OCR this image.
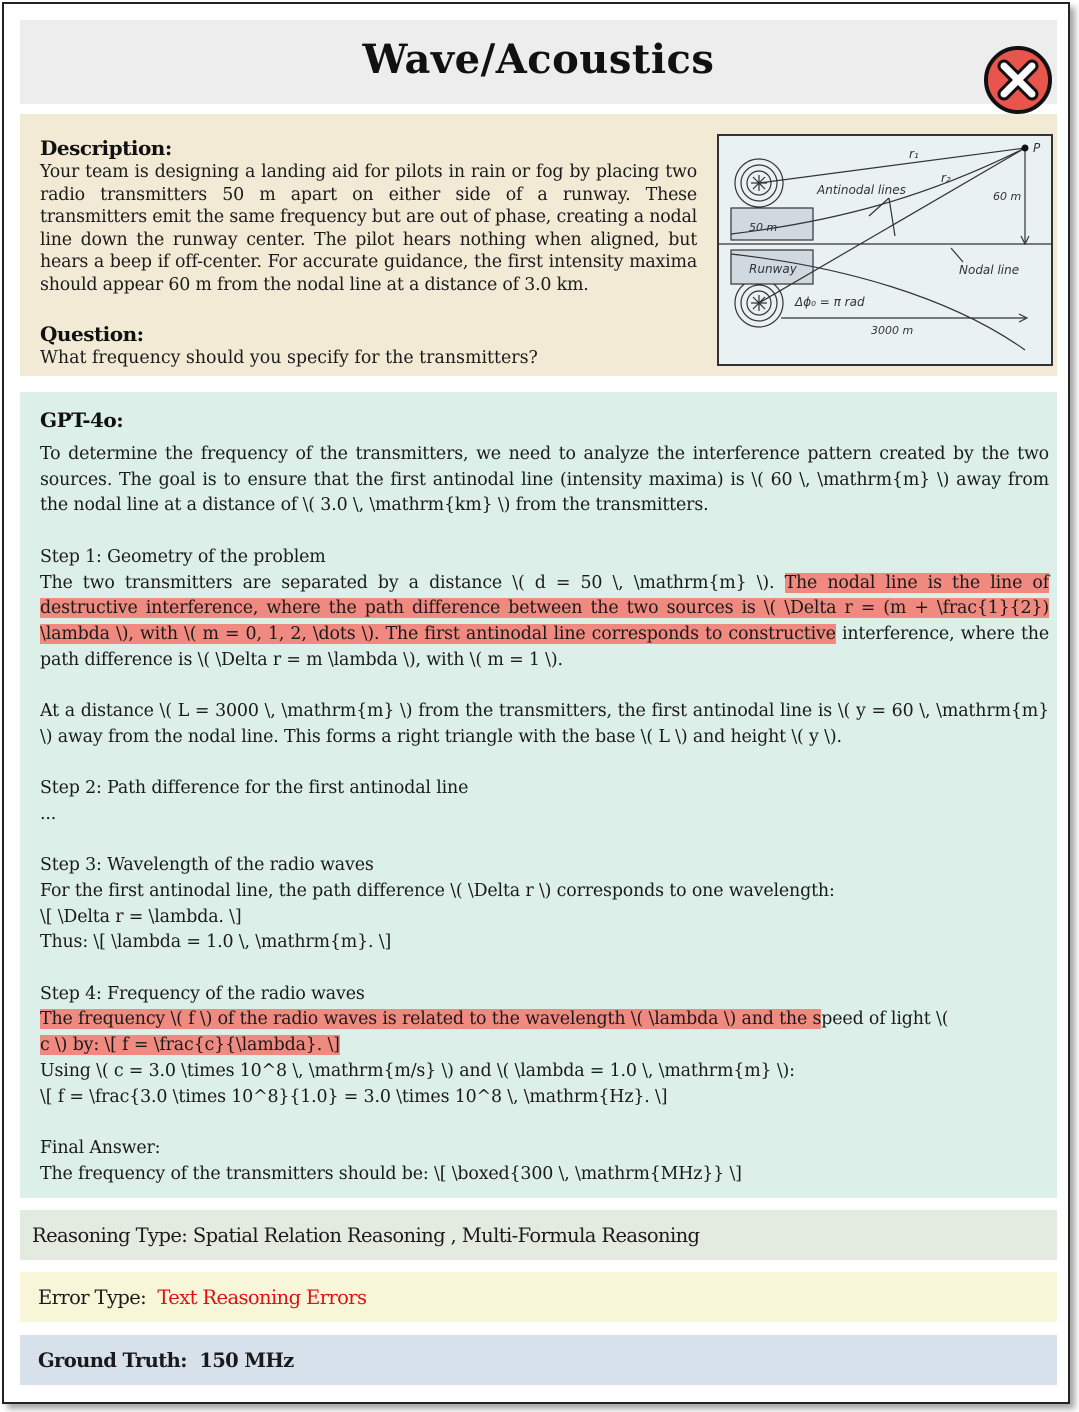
Wave/Acoustics
Description:
Your team is designing a landing aid for pilots in rain or fog by placing two radio transmitters 50 m apart on either side of a runway. These transmitters emit the same frequency but are out of phase, creating a nodal line down the runway center. The pilot hears nothing when aligned, but hears a beep if off-center. For accurate guidance, the first intensity maxima should appear 60 m from the nodal line at a distance of 3.0 km.
Question:
What frequency should you specify for the transmitters?
P
r₁
r₂
Antinodal lines	60 m
50 m
Runway	Nodal line
Δϕ₀ = π rad
3000 m
GPT-4o:

To determine the frequency of the transmitters, we need to analyze the interference pattern created by the two sources. The goal is to ensure that the first antinodal line (intensity maxima) is \( 60 \, \mathrm{m} \) away from the nodal line at a distance of \( 3.0 \, \mathrm{km} \) from the transmitters.

Step 1: Geometry of the problem

The two transmitters are separated by a distance \( d = 50 \, \mathrm{m} \). The nodal line is the line of destructive interference, where the path difference between the two sources is \( \Delta r = (m + \frac{1}{2}) \lambda \), with \( m = 0, 1, 2, \dots \). The first antinodal line corresponds to constructive interference, where the path difference is \( \Delta r = m \lambda \), with \( m = 1 \).

At a distance \( L = 3000 \, \mathrm{m} \) from the transmitters, the first antinodal line is \( y = 60 \, \mathrm{m} \) away from the nodal line. This forms a right triangle with the base \( L \) and height \( y \).

Step 2: Path difference for the first antinodal line

...

Step 3: Wavelength of the radio waves

For the first antinodal line, the path difference \( \Delta r \) corresponds to one wavelength:

\[ \Delta r = \lambda. \]

Thus: \[ \lambda = 1.0 \, \mathrm{m}. \]

Step 4: Frequency of the radio waves

The frequency \( f \) of the radio waves is related to the wavelength \( \lambda \) and the speed of light \(
c \) by: \[ f = \frac{c}{\lambda}. \]

Using \( c = 3.0 \times 10^8 \, \mathrm{m/s} \) and \( \lambda = 1.0 \, \mathrm{m} \):

\[ f = \frac{3.0 \times 10^8}{1.0} = 3.0 \times 10^8 \, \mathrm{Hz}. \]

Final Answer:

The frequency of the transmitters should be: \[ \boxed{300 \, \mathrm{MHz}} \]

Reasoning Type: Spatial Relation Reasoning , Multi-Formula Reasoning
Error Type: Text Reasoning Errors
Ground Truth: 150 MHz
